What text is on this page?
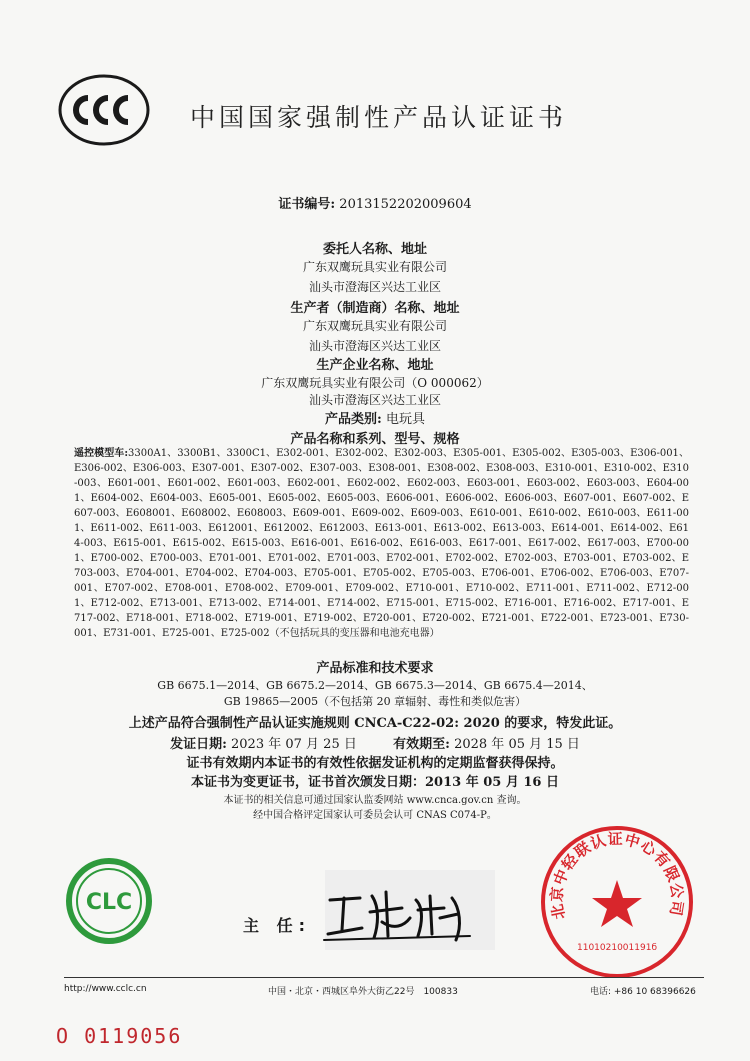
中国国家强制性产品认证证书
证书编号: 2013152202009604
委托人名称、地址
广东双鹰玩具实业有限公司
汕头市澄海区兴达工业区
生产者（制造商）名称、地址
广东双鹰玩具实业有限公司
汕头市澄海区兴达工业区
生产企业名称、地址
广东双鹰玩具实业有限公司（O 000062）
汕头市澄海区兴达工业区
产品类别: 电玩具
产品名称和系列、型号、规格
遥控模型车:3300A1、3300B1、3300C1、E302-001、E302-002、E302-003、E305-001、E305-002、E305-003、E306-001、E306-002、E306-003、E307-001、E307-002、E307-003、E308-001、E308-002、E308-003、E310-001、E310-002、E310-003、E601-001、E601-002、E601-003、E602-001、E602-002、E602-003、E603-001、E603-002、E603-003、E604-001、E604-002、E604-003、E605-001、E605-002、E605-003、E606-001、E606-002、E606-003、E607-001、E607-002、E607-003、E608001、E608002、E608003、E609-001、E609-002、E609-003、E610-001、E610-002、E610-003、E611-001、E611-002、E611-003、E612001、E612002、E612003、E613-001、E613-002、E613-003、E614-001、E614-002、E614-003、E615-001、E615-002、E615-003、E616-001、E616-002、E616-003、E617-001、E617-002、E617-003、E700-001、E700-002、E700-003、E701-001、E701-002、E701-003、E702-001、E702-002、E702-003、E703-001、E703-002、E703-003、E704-001、E704-002、E704-003、E705-001、E705-002、E705-003、E706-001、E706-002、E706-003、E707-001、E707-002、E708-001、E708-002、E709-001、E709-002、E710-001、E710-002、E711-001、E711-002、E712-001、E712-002、E713-001、E713-002、E714-001、E714-002、E715-001、E715-002、E716-001、E716-002、E717-001、E717-002、E718-001、E718-002、E719-001、E719-002、E720-001、E720-002、E721-001、E722-001、E723-001、E730-001、E731-001、E725-001、E725-002（不包括玩具的变压器和电池充电器）
产品标准和技术要求
GB 6675.1—2014、GB 6675.2—2014、GB 6675.3—2014、GB 6675.4—2014、
GB 19865—2005（不包括第 20 章辐射、毒性和类似危害）
上述产品符合强制性产品认证实施规则 CNCA-C22-02: 2020 的要求，特发此证。
发证日期: 2023 年 07 月 25 日	有效期至: 2028 年 05 月 15 日
证书有效期内本证书的有效性依据发证机构的定期监督获得保持。
本证书为变更证书，证书首次颁发日期：2013 年 05 月 16 日
本证书的相关信息可通过国家认监委网站 www.cnca.gov.cn 查询。
经中国合格评定国家认可委员会认可 CNAS C074-P。
CLC
主 任:
北京中轻联认证中心有限公司
1101021001191б
http://www.cclc.cn	中国・北京・西城区阜外大街乙22号　100833	电话: +86 10 68396626
O 0119056
